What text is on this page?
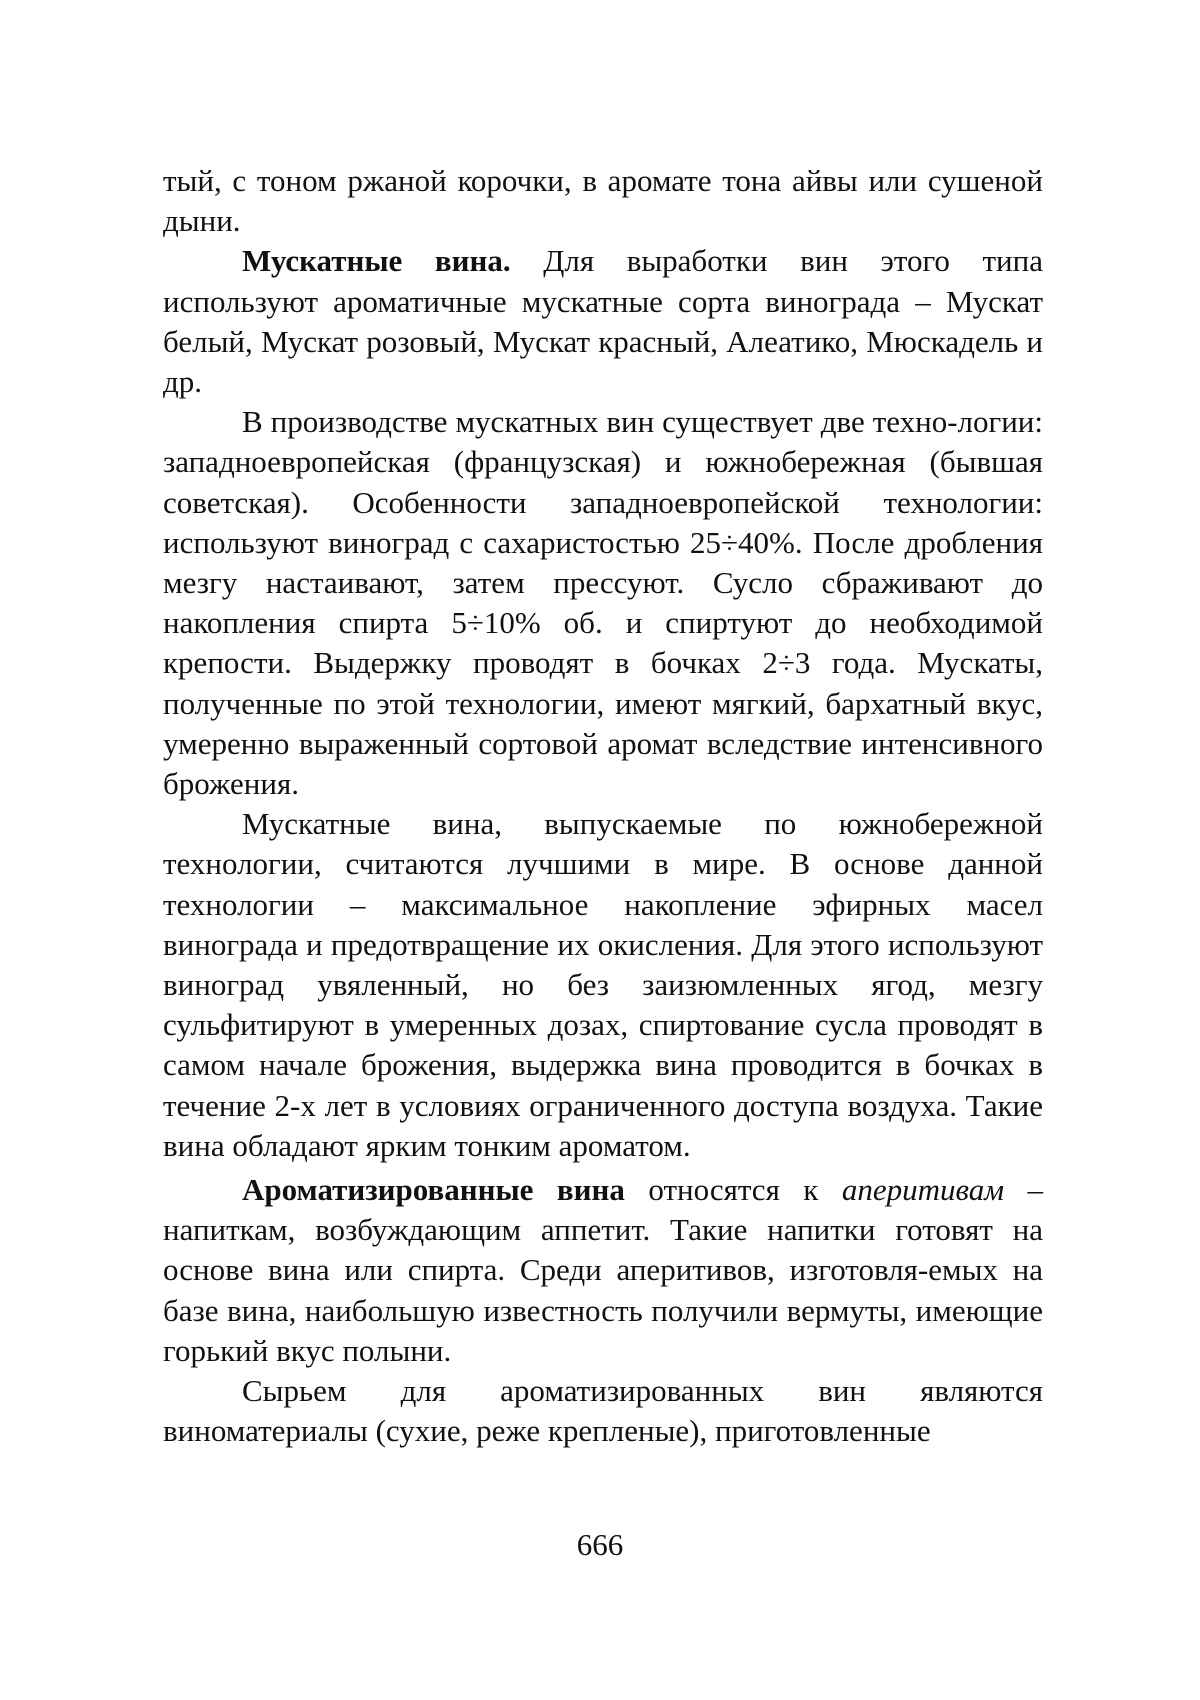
тый, с тоном ржаной корочки, в аромате тона айвы или сушеной дыни.

Мускатные вина. Для выработки вин этого типа используют ароматичные мускатные сорта винограда – Мускат белый, Мускат розовый, Мускат красный, Алеатико, Мюскадель и др.

В производстве мускатных вин существует две техно-логии: западноевропейская (французская) и южнобережная (бывшая советская). Особенности западноевропейской технологии: используют виноград с сахаристостью 25÷40%. После дробления мезгу настаивают, затем прессуют. Сусло сбраживают до накопления спирта 5÷10% об. и спиртуют до необходимой крепости. Выдержку проводят в бочках 2÷3 года. Мускаты, полученные по этой технологии, имеют мягкий, бархатный вкус, умеренно выраженный сортовой аромат вследствие интенсивного брожения.

Мускатные вина, выпускаемые по южнобережной технологии, считаются лучшими в мире. В основе данной технологии – максимальное накопление эфирных масел винограда и предотвращение их окисления. Для этого используют виноград увяленный, но без заизюмленных ягод, мезгу сульфитируют в умеренных дозах, спиртование сусла проводят в самом начале брожения, выдержка вина проводится в бочках в течение 2-х лет в условиях ограниченного доступа воздуха. Такие вина обладают ярким тонким ароматом.

Ароматизированные вина относятся к аперитивам – напиткам, возбуждающим аппетит. Такие напитки готовят на основе вина или спирта. Среди аперитивов, изготовля-емых на базе вина, наибольшую известность получили вермуты, имеющие горький вкус полыни.

Сырьем для ароматизированных вин являются виноматериалы (сухие, реже крепленые), приготовленные

666
